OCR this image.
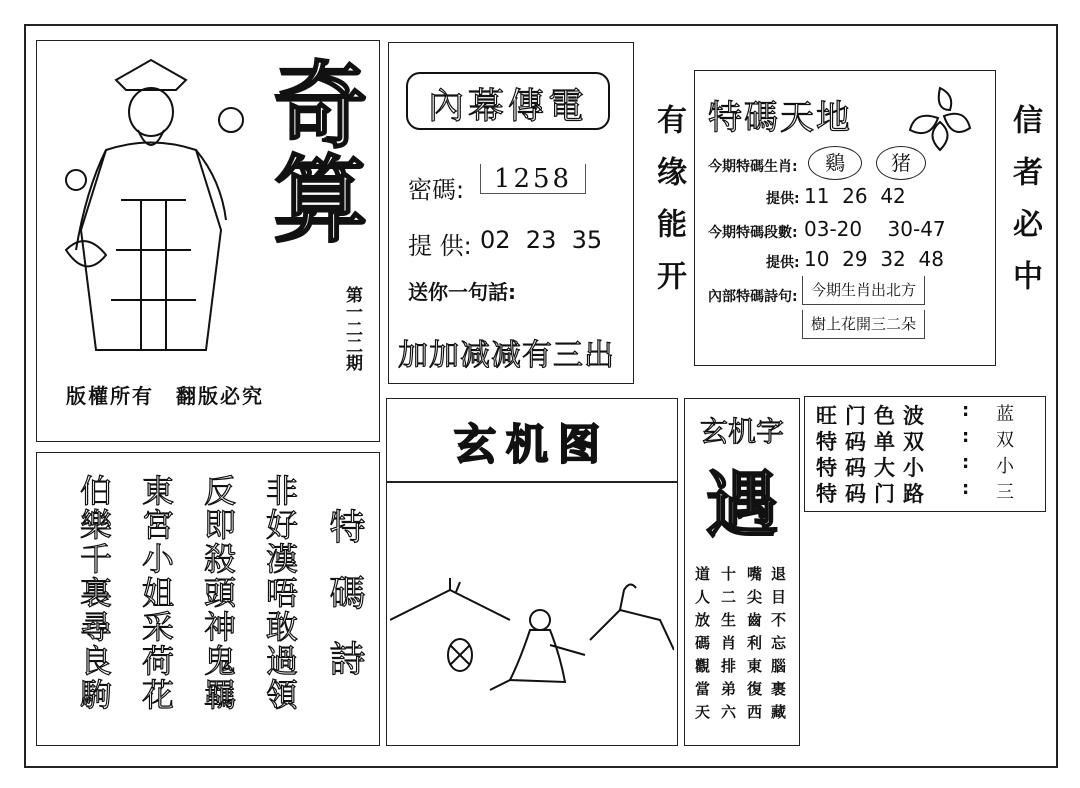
奇算
版權所有　翻版必究
第一二二期
內幕傳電
密碼:	1258
提 供: 02  23  35
送你一句話:
加加减减有三出
有缘能开	信者必中
特碼天地
今期特碼生肖:	鷄	猪
提供: 11  26  42
今期特碼段數: 03-20    30-47
提供: 10  29  32  48
內部特碼詩句: 今期生肖出北方
樹上花開三二朵
玄机图	玄机字
遇
退目不忘腦裹藏
嘴尖齒利東復西
十二生肖排弟六
道人放碼觀當天
旺门色波 : 蓝
特码单双 : 双
特码大小 : 小
特码门路 : 三
特碼詩
非好漢唔敢過領
反即殺頭神鬼羈
東宮小姐采荷花
伯樂千裏尋良駒
